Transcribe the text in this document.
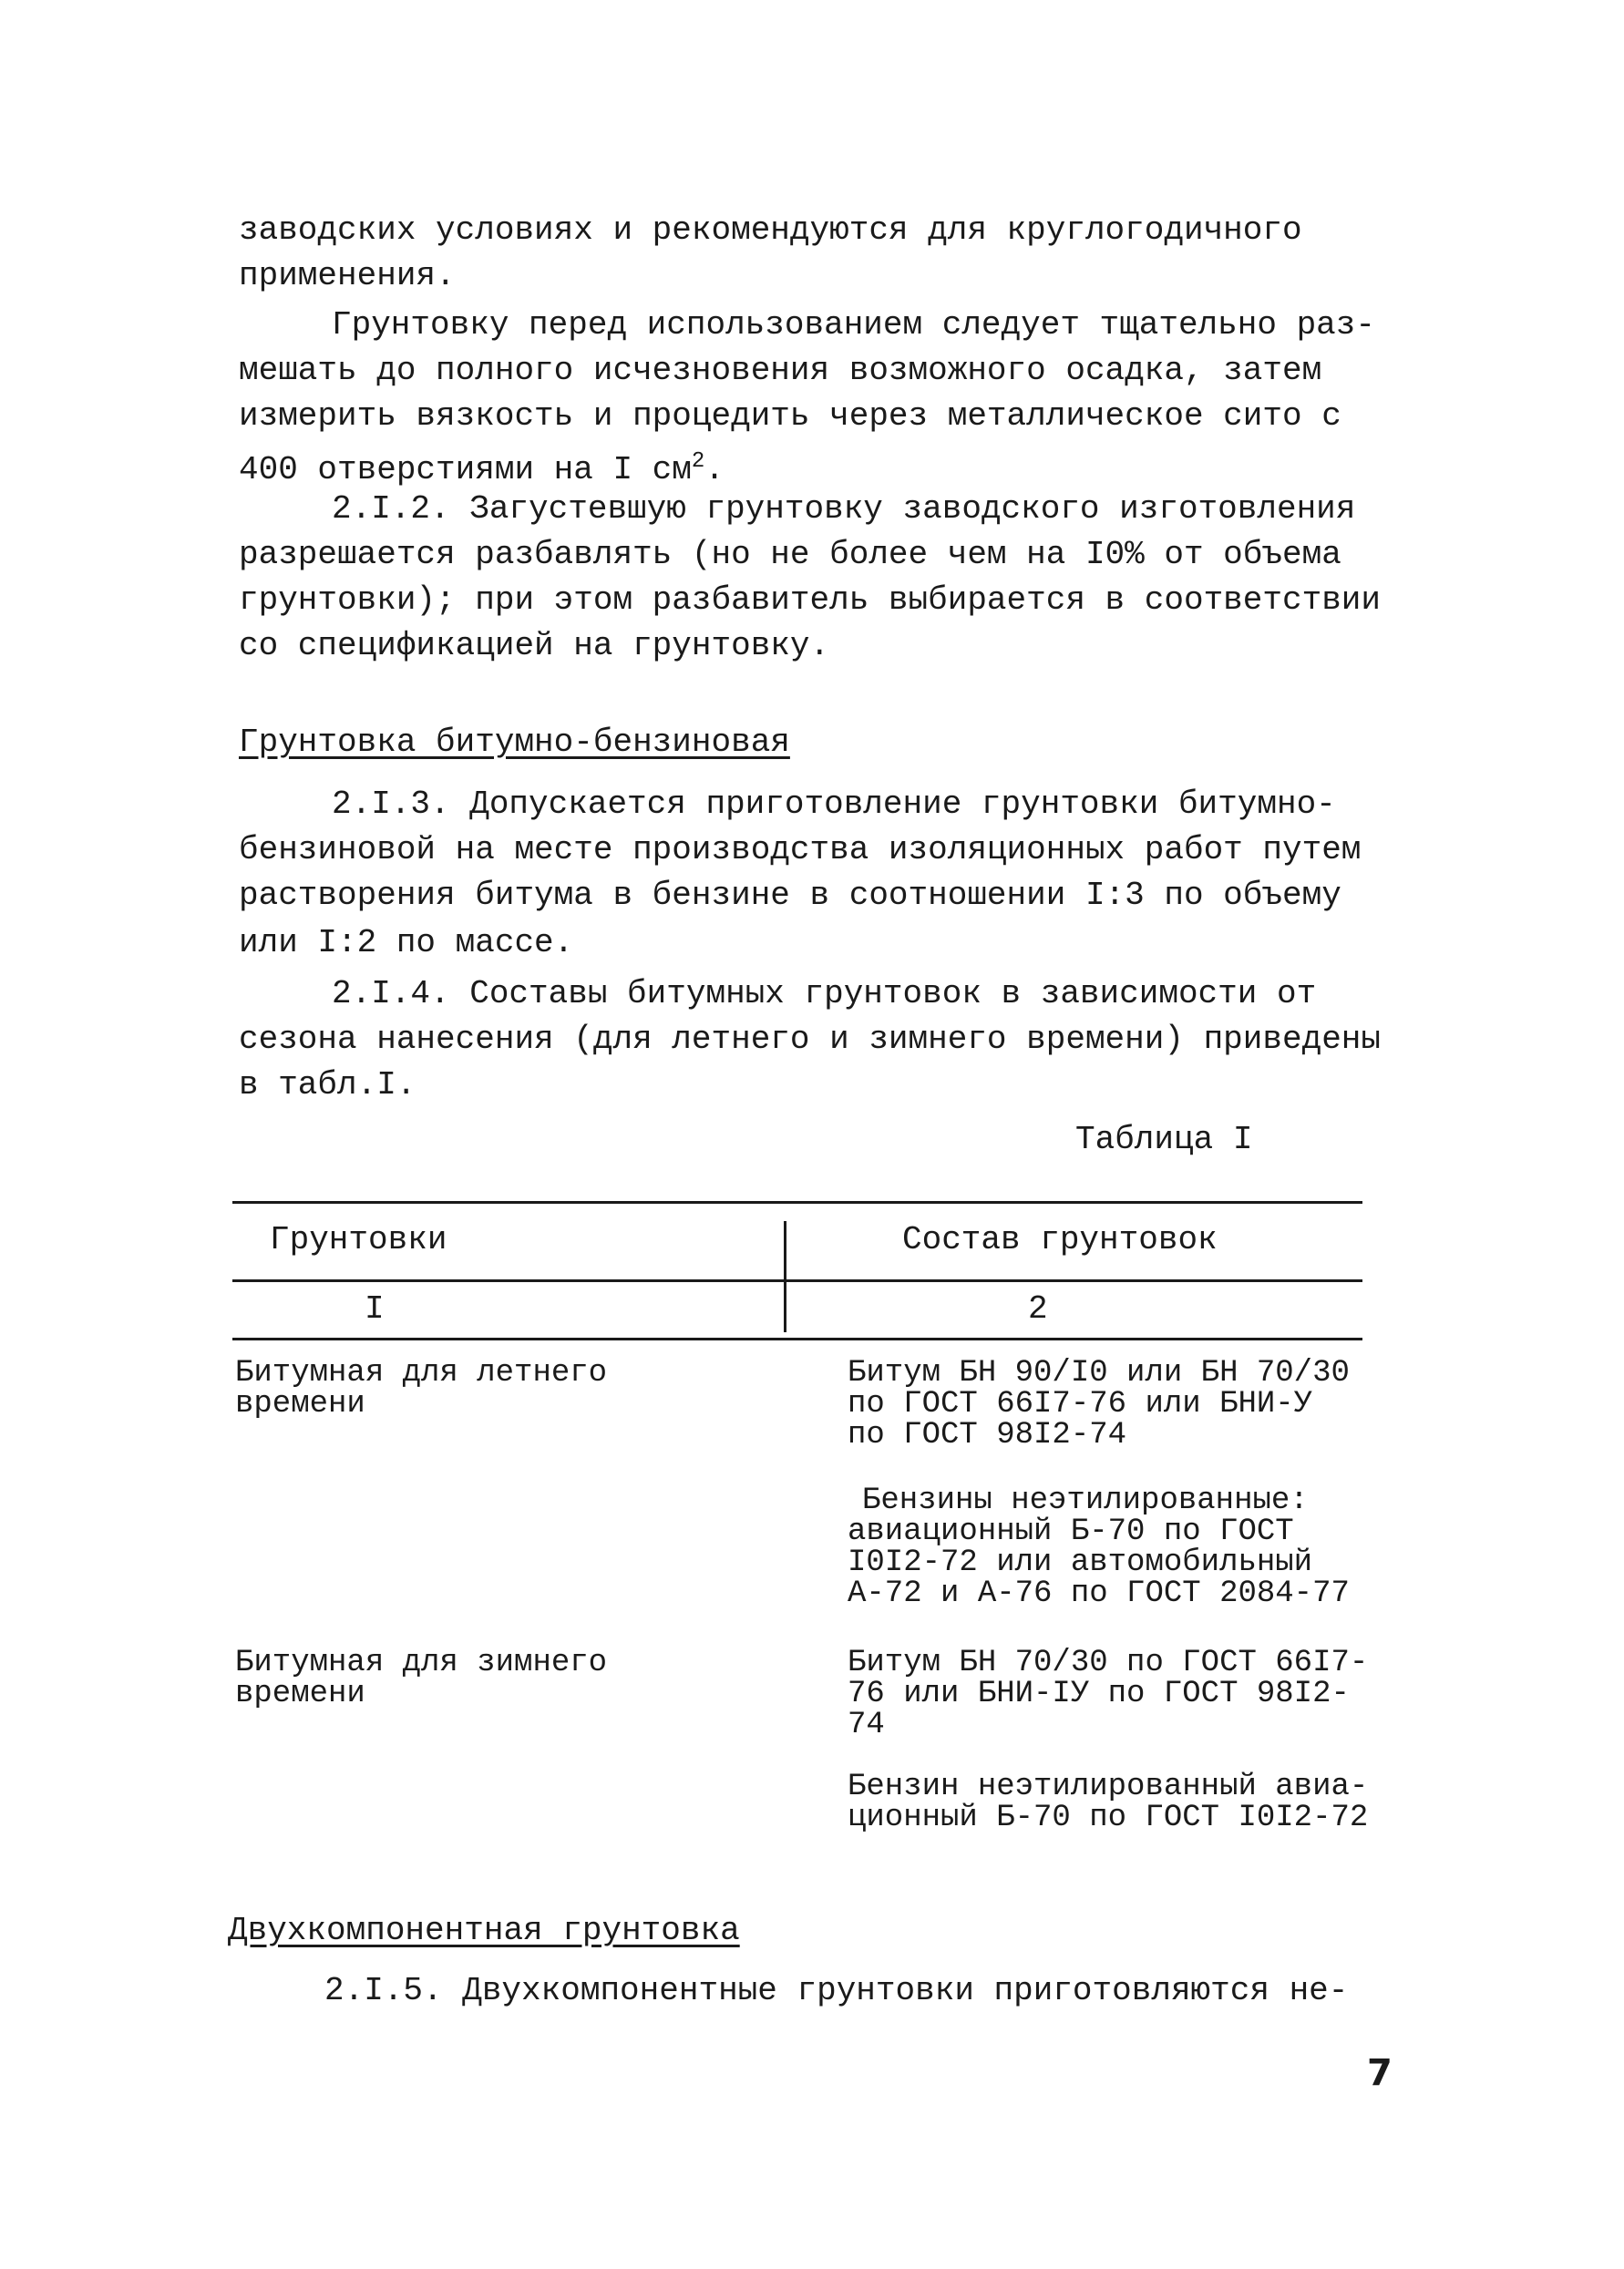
заводских условиях и рекомендуются для круглогодичного
применения.
Грунтовку перед использованием следует тщательно раз-
мешать до полного исчезновения возможного осадка, затем
измерить вязкость и процедить через металлическое сито с
400 отверстиями на I $см^2$.
2.I.2. Загустевшую грунтовку заводского изготовления
разрешается разбавлять (но не более чем на I0% от объема
грунтовки); при этом разбавитель выбирается в соответствии
со спецификацией на грунтовку.
Грунтовка битумно-бензиновая
2.I.3. Допускается приготовление грунтовки битумно-
бензиновой на месте производства изоляционных работ путем
растворения битума в бензине в соотношении I:3 по объему
или I:2 по массе.
2.I.4. Составы битумных грунтовок в зависимости от
сезона нанесения (для летнего и зимнего времени) приведены
в табл.I.
Таблица I
Грунтовки	Состав грунтовок
I	2
Битумная для летнего
времени
Битум БН 90/I0 или БН 70/30
по ГОСТ 66I7-76 или БНИ-У
по ГОСТ 98I2-74
Бензины неэтилированные:
авиационный Б-70 по ГОСТ
I0I2-72 или автомобильный
А-72 и А-76 по ГОСТ 2084-77
Битумная для зимнего
времени
Битум БН 70/30 по ГОСТ 66I7-
76 или БНИ-IУ по ГОСТ 98I2-
74
Бензин неэтилированный авиа-
ционный Б-70 по ГОСТ I0I2-72
Двухкомпонентная грунтовка
2.I.5. Двухкомпонентные грунтовки приготовляются не-
7
